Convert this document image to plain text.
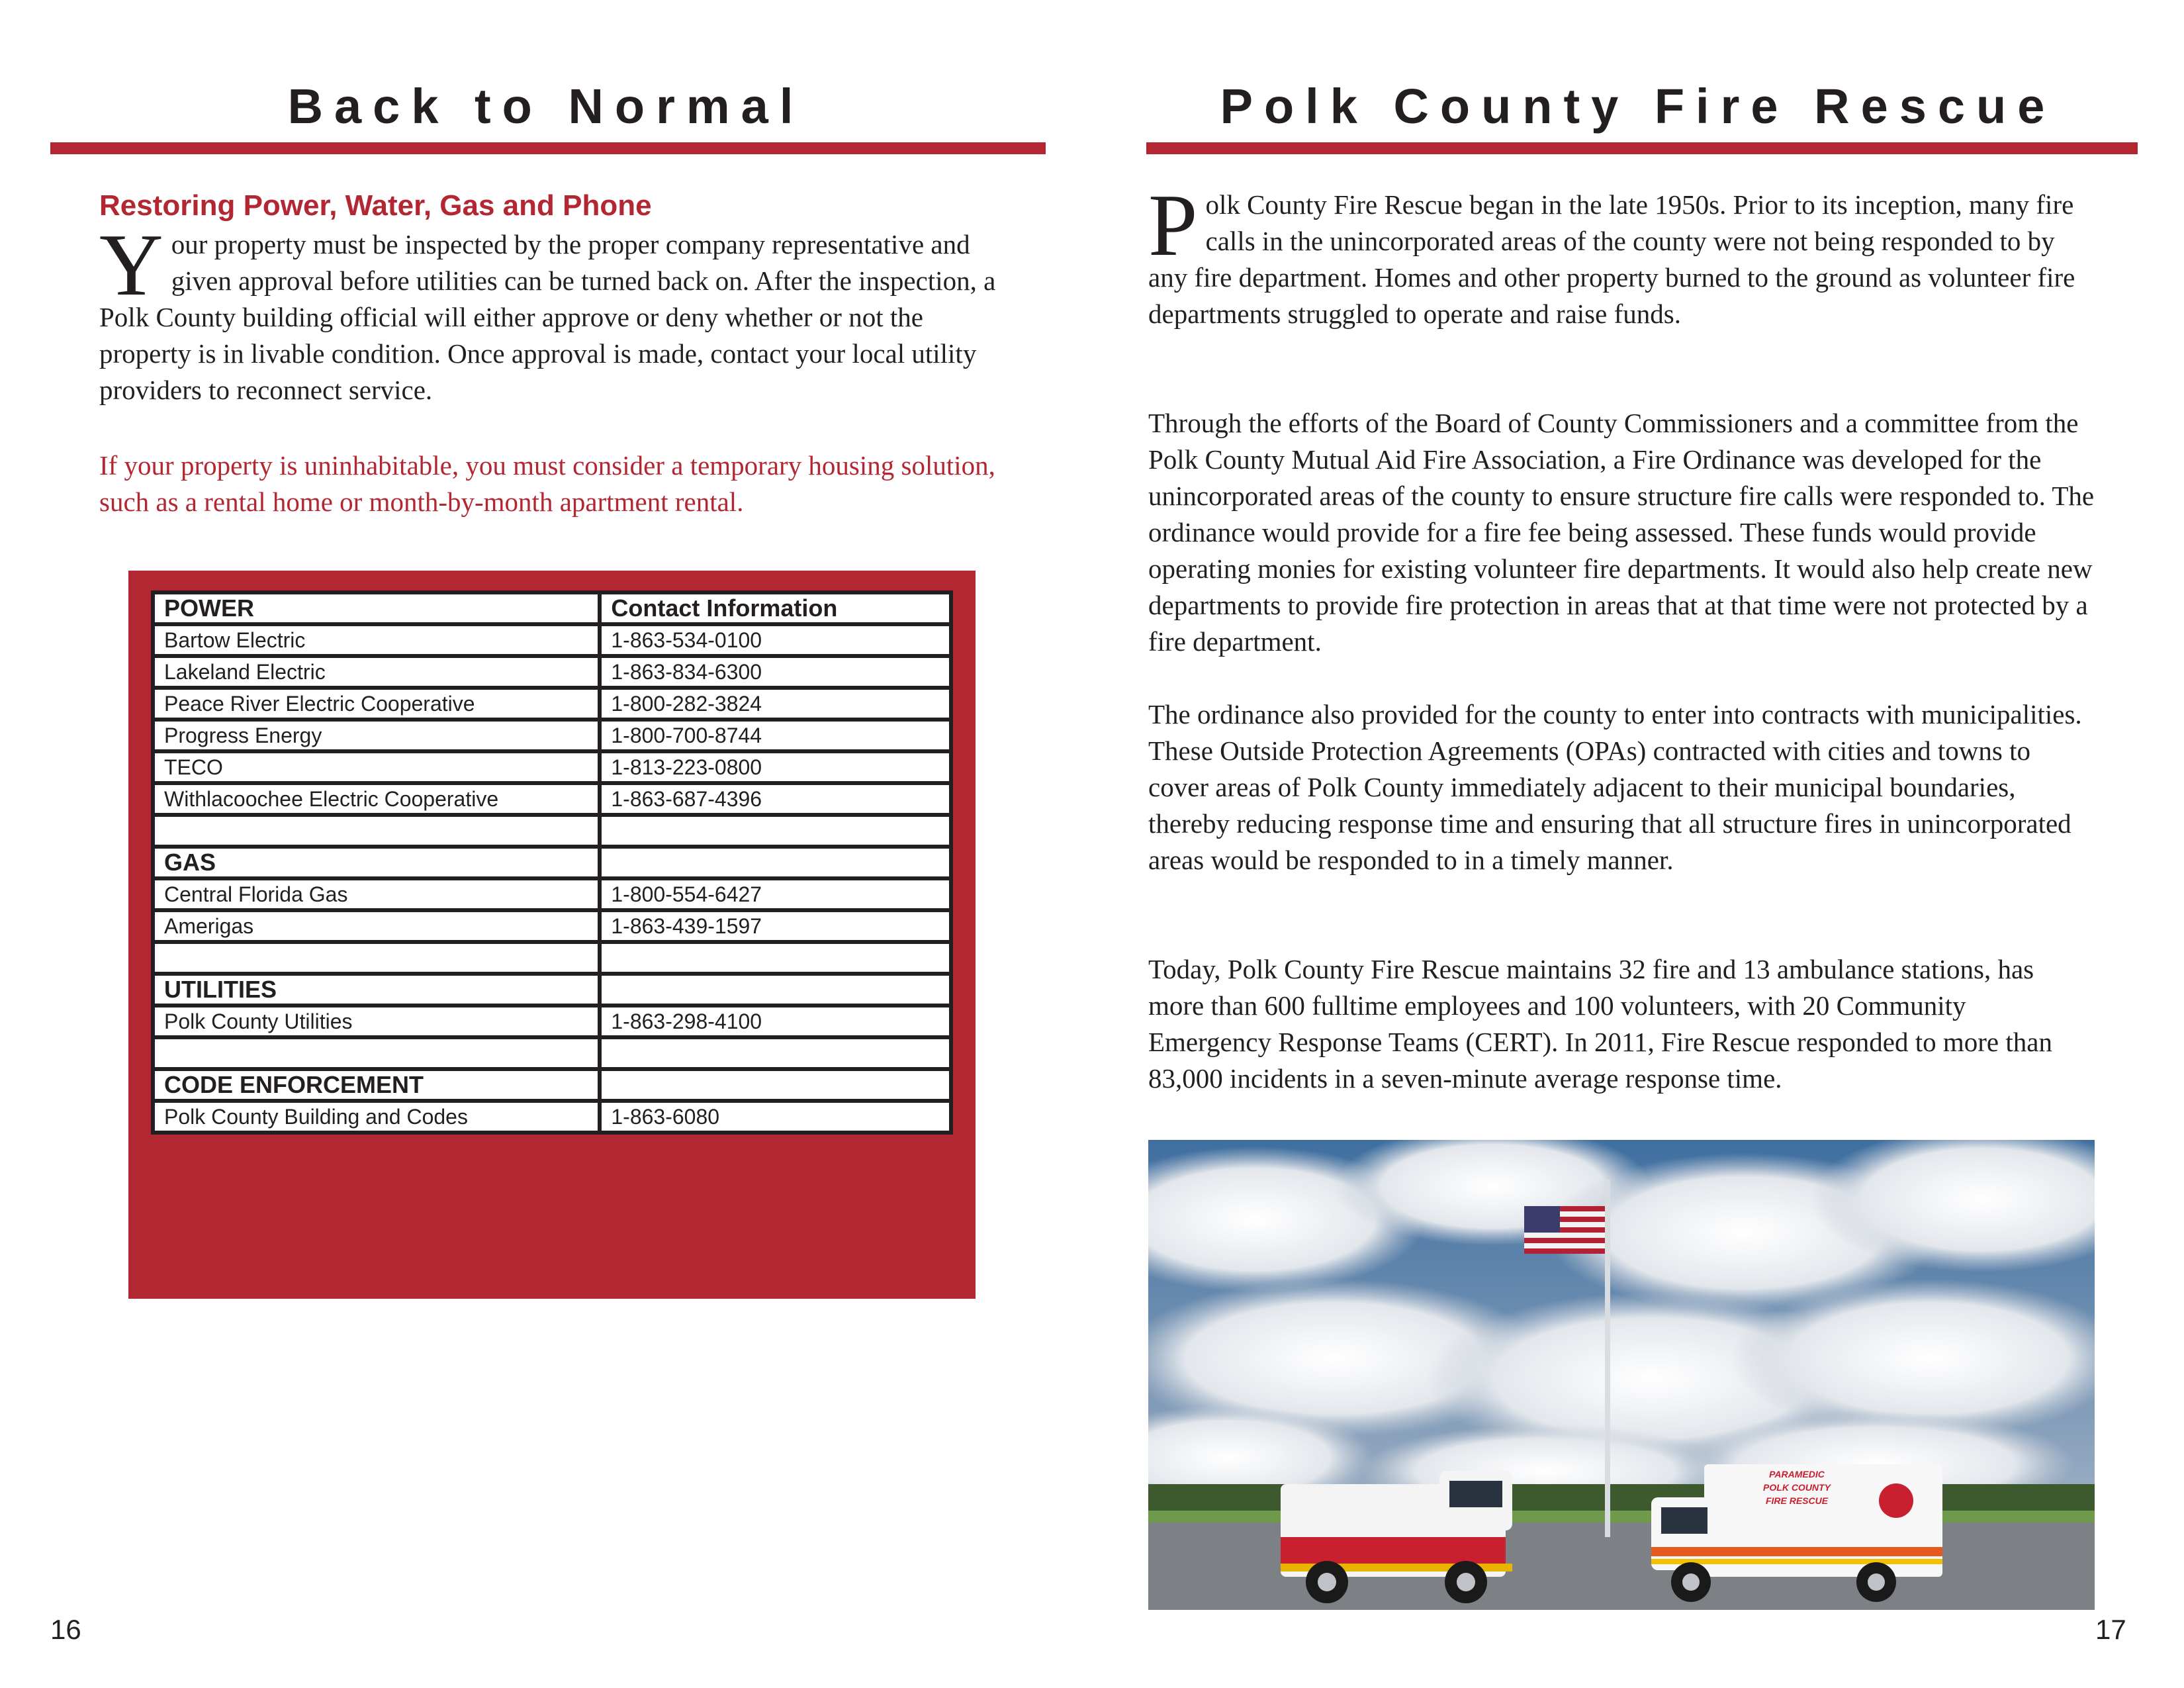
Back to Normal
Restoring Power, Water, Gas and Phone

Your property must be inspected by the proper company representative and given approval before utilities can be turned back on. After the inspection, a Polk County building official will either approve or deny whether or not the property is in livable condition. Once approval is made, contact your local utility providers to reconnect service.

If your property is uninhabitable, you must consider a temporary housing solution, such as a rental home or month-by-month apartment rental.

POWER	Contact Information
Bartow Electric	1-863-534-0100
Lakeland Electric	1-863-834-6300
Peace River Electric Cooperative	1-800-282-3824
Progress Energy	1-800-700-8744
TECO	1-813-223-0800
Withlacoochee Electric Cooperative	1-863-687-4396

GAS	
Central Florida Gas	1-800-554-6427
Amerigas	1-863-439-1597

UTILITIES	
Polk County Utilities	1-863-298-4100

CODE ENFORCEMENT	
Polk County Building and Codes	1-863-6080

16

Polk County Fire Rescue

Polk County Fire Rescue began in the late 1950s. Prior to its inception, many fire calls in the unincorporated areas of the county were not being responded to by any fire department. Homes and other property burned to the ground as volunteer fire departments struggled to operate and raise funds.

Through the efforts of the Board of County Commissioners and a committee from the Polk County Mutual Aid Fire Association, a Fire Ordinance was developed for the unincorporated areas of the county to ensure structure fire calls were responded to. The ordinance would provide for a fire fee being assessed. These funds would provide operating monies for existing volunteer fire departments. It would also help create new departments to provide fire protection in areas that at that time were not protected by a fire department.

The ordinance also provided for the county to enter into contracts with municipalities. These Outside Protection Agreements (OPAs) contracted with cities and towns to cover areas of Polk County immediately adjacent to their municipal boundaries, thereby reducing response time and ensuring that all structure fires in unincorporated areas would be responded to in a timely manner.

Today, Polk County Fire Rescue maintains 32 fire and 13 ambulance stations, has more than 600 fulltime employees and 100 volunteers, with 20 Community Emergency Response Teams (CERT). In 2011, Fire Rescue responded to more than 83,000 incidents in a seven-minute average response time.

PARAMEDIC
POLK COUNTY
FIRE RESCUE

17
